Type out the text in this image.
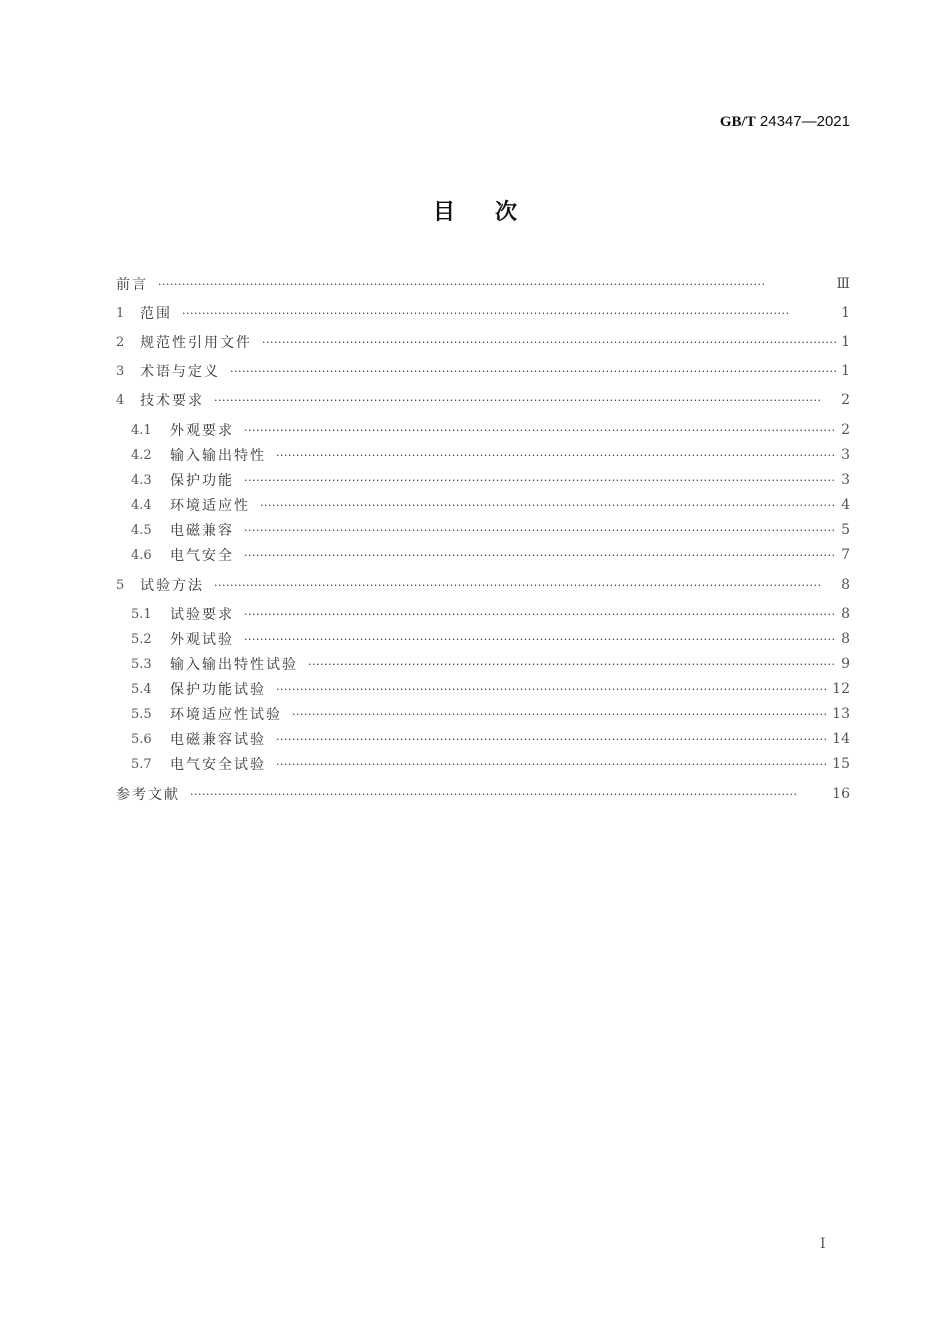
GB/T 24347—2021
目次
前言 ·····	Ⅲ
1	范围 ·····	1
2	规范性引用文件 ·····	1
3	术语与定义 ·····	1
4	技术要求 ·····	2
4.1	外观要求 ·····	2
4.2	输入输出特性 ·····	3
4.3	保护功能 ·····	3
4.4	环境适应性 ·····	4
4.5	电磁兼容 ·····	5
4.6	电气安全 ·····	7
5	试验方法 ·····	8
5.1	试验要求 ·····	8
5.2	外观试验 ·····	8
5.3	输入输出特性试验 ·····	9
5.4	保护功能试验 ·····	12
5.5	环境适应性试验 ·····	13
5.6	电磁兼容试验 ·····	14
5.7	电气安全试验 ·····	15
参考文献 ·····	16
Ⅰ
